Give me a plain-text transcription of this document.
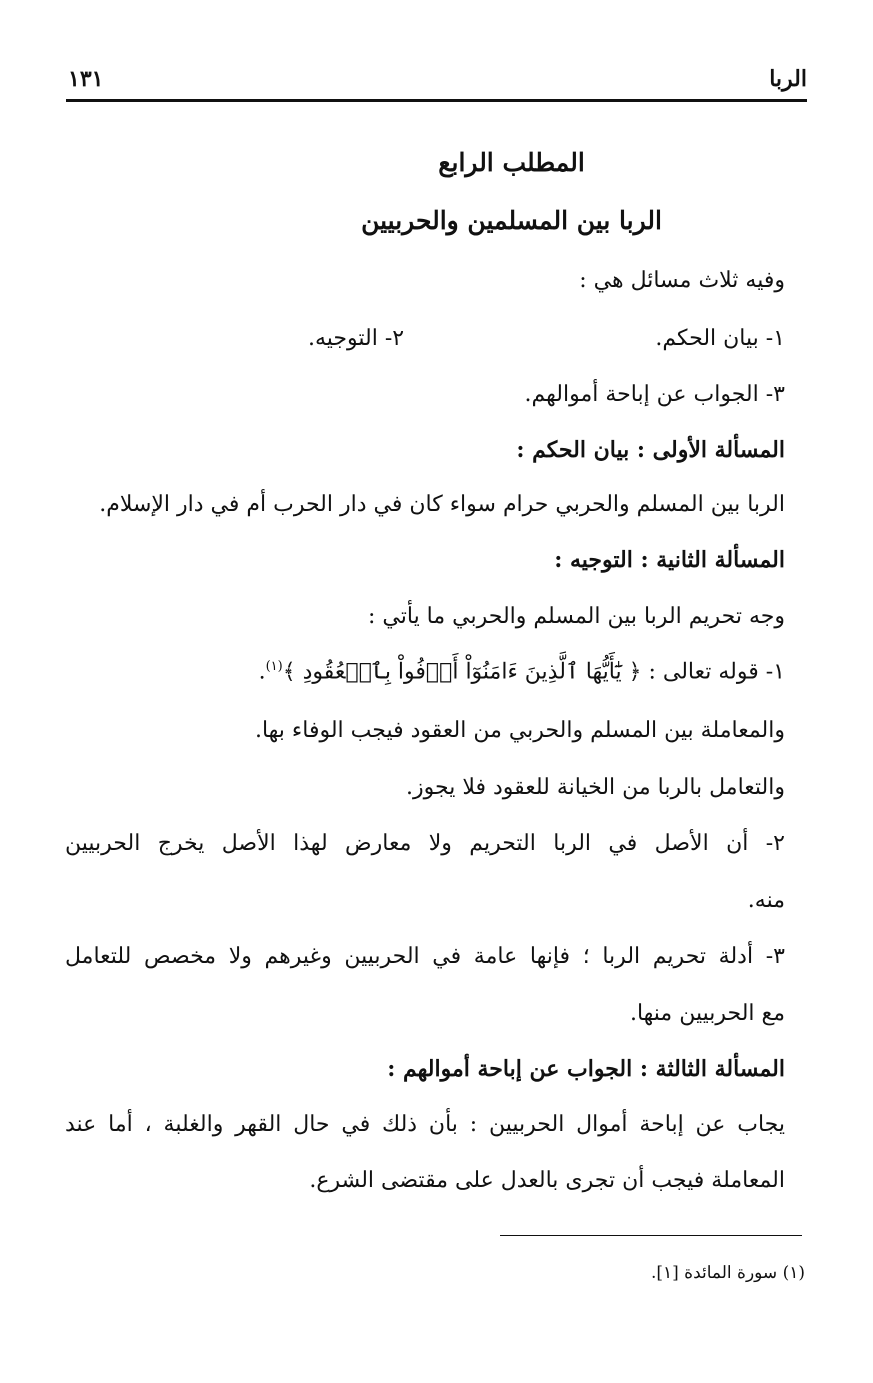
الربا
١٣١
المطلب الرابع
الربا بين المسلمين والحربيين
وفيه ثلاث مسائل هي :
١- بيان الحكم.
٢- التوجيه.
٣- الجواب عن إباحة أموالهم.
المسألة الأولى : بيان الحكم :
الربا بين المسلم والحربي حرام سواء كان في دار الحرب أم في دار الإسلام.
المسألة الثانية : التوجيه :
وجه تحريم الربا بين المسلم والحربي ما يأتي :
١- قوله تعالى : ﴿ يَٰٓأَيُّهَا ٱلَّذِينَ ءَامَنُوٓاْ أَوۡفُواْ بِٱلۡعُقُودِ ﴾$^{(١)}$.
والمعاملة بين المسلم والحربي من العقود فيجب الوفاء بها.
والتعامل بالربا من الخيانة للعقود فلا يجوز.
٢- أن الأصل في الربا التحريم ولا معارض لهذا الأصل يخرج الحربيين
منه.
٣- أدلة تحريم الربا ؛ فإنها عامة في الحربيين وغيرهم ولا مخصص للتعامل
مع الحربيين منها.
المسألة الثالثة : الجواب عن إباحة أموالهم :
يجاب عن إباحة أموال الحربيين : بأن ذلك في حال القهر والغلبة ، أما عند
المعاملة فيجب أن تجرى بالعدل على مقتضى الشرع.
(١) سورة المائدة [١].
